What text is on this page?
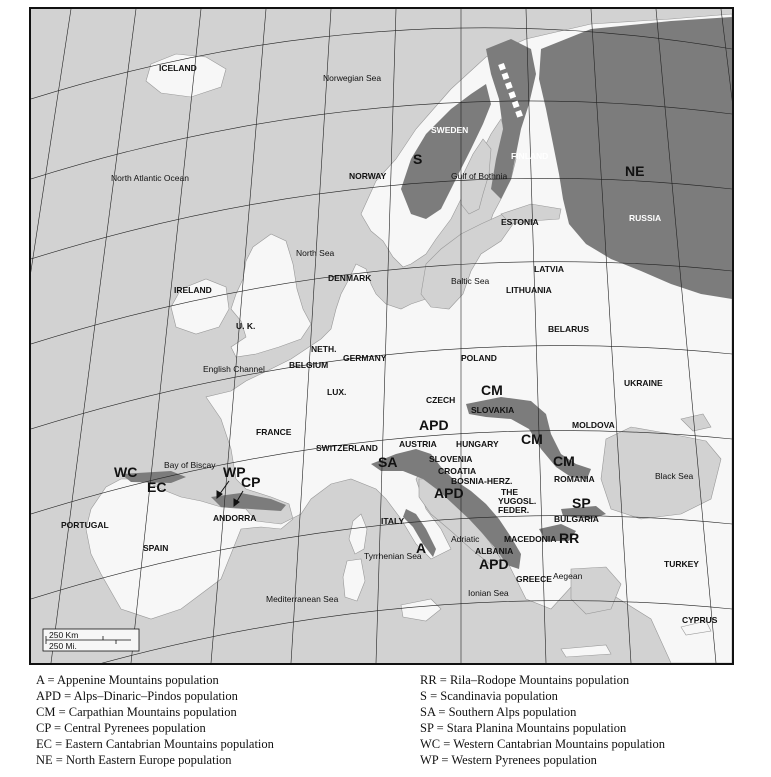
ICELAND
Norwegian Sea
North Atlantic Ocean	NORWAY
SWEDEN
FINLAND
Gulf of Bothnia
RUSSIA
ESTONIA
LATVIA
LITHUANIA
Baltic Sea
North Sea
DENMARK
IRELAND
U. K.	BELARUS
NETH.
BELGIUM
GERMANY	POLAND
English Channel
UKRAINE
LUX.
CZECH
SLOVAKIA
MOLDOVA
FRANCE
SWITZERLAND AUSTRIA HUNGARY
SLOVENIA
CROATIA
BOSNIA-HERZ.	ROMANIA	Black Sea
Bay of Biscay
THE
YUGOSL.
FEDER.
BULGARIA
PORTUGAL
ANDORRA	ITALY
SPAIN
Adriatic	MACEDONIA
ALBANIA
Tyrrhenian Sea
TURKEY
GREECE Aegean
Ionian Sea
Mediterranean Sea
CYPRUS
S
NE
CM
CM
CM
APD
APD
APD
SA
WC
EC
WP
CP
A
SP
RR
250 Km
250 Mi.
A = Appenine Mountains population
APD = Alps–Dinaric–Pindos population
CM = Carpathian Mountains population
CP = Central Pyrenees population
EC = Eastern Cantabrian Mountains population
NE = North Eastern Europe population
RR = Rila–Rodope Mountains population
S = Scandinavia population
SA = Southern Alps population
SP = Stara Planina Mountains population
WC = Western Cantabrian Mountains population
WP = Western Pyrenees population
